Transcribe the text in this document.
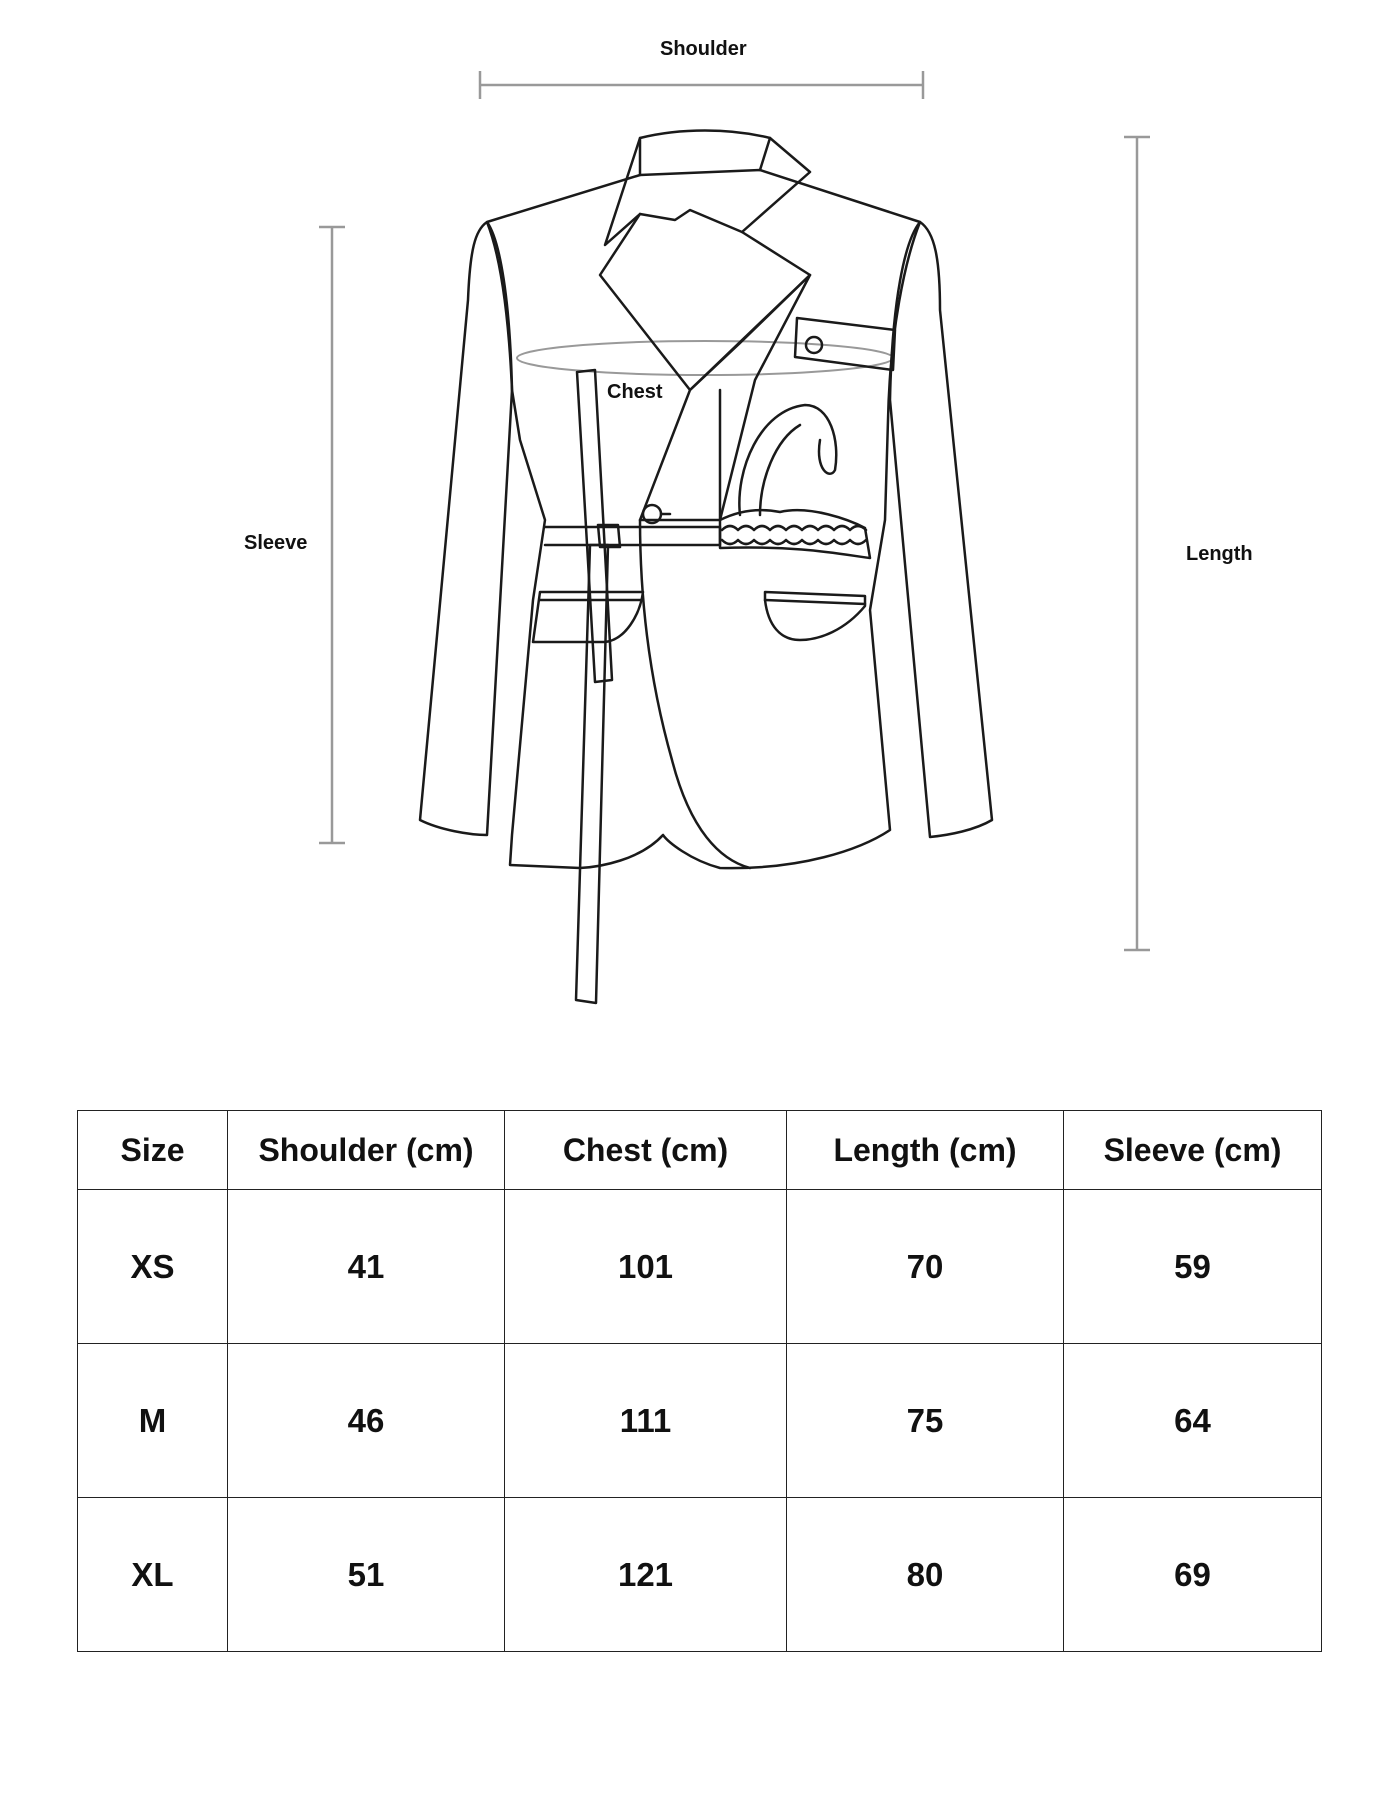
Shoulder
Chest
Sleeve	Length
Size	Shoulder (cm)	Chest (cm)	Length (cm)	Sleeve (cm)
XS	41	101	70	59
M	46	111	75	64
XL	51	121	80	69
